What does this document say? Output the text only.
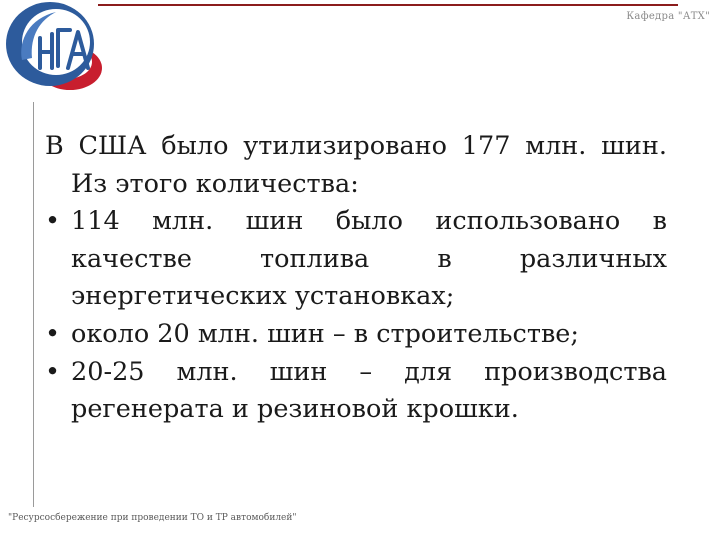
Кафедра "АТХ"

В США было утилизировано 177 млн. шин. Из этого количества:

• 114 млн. шин было использовано в качестве топлива в различных энергетических установках;

• около 20 млн. шин – в строительстве;

• 20-25 млн. шин – для производства регенерата и резиновой крошки.

"Ресурсосбережение при проведении ТО и ТР автомобилей"
